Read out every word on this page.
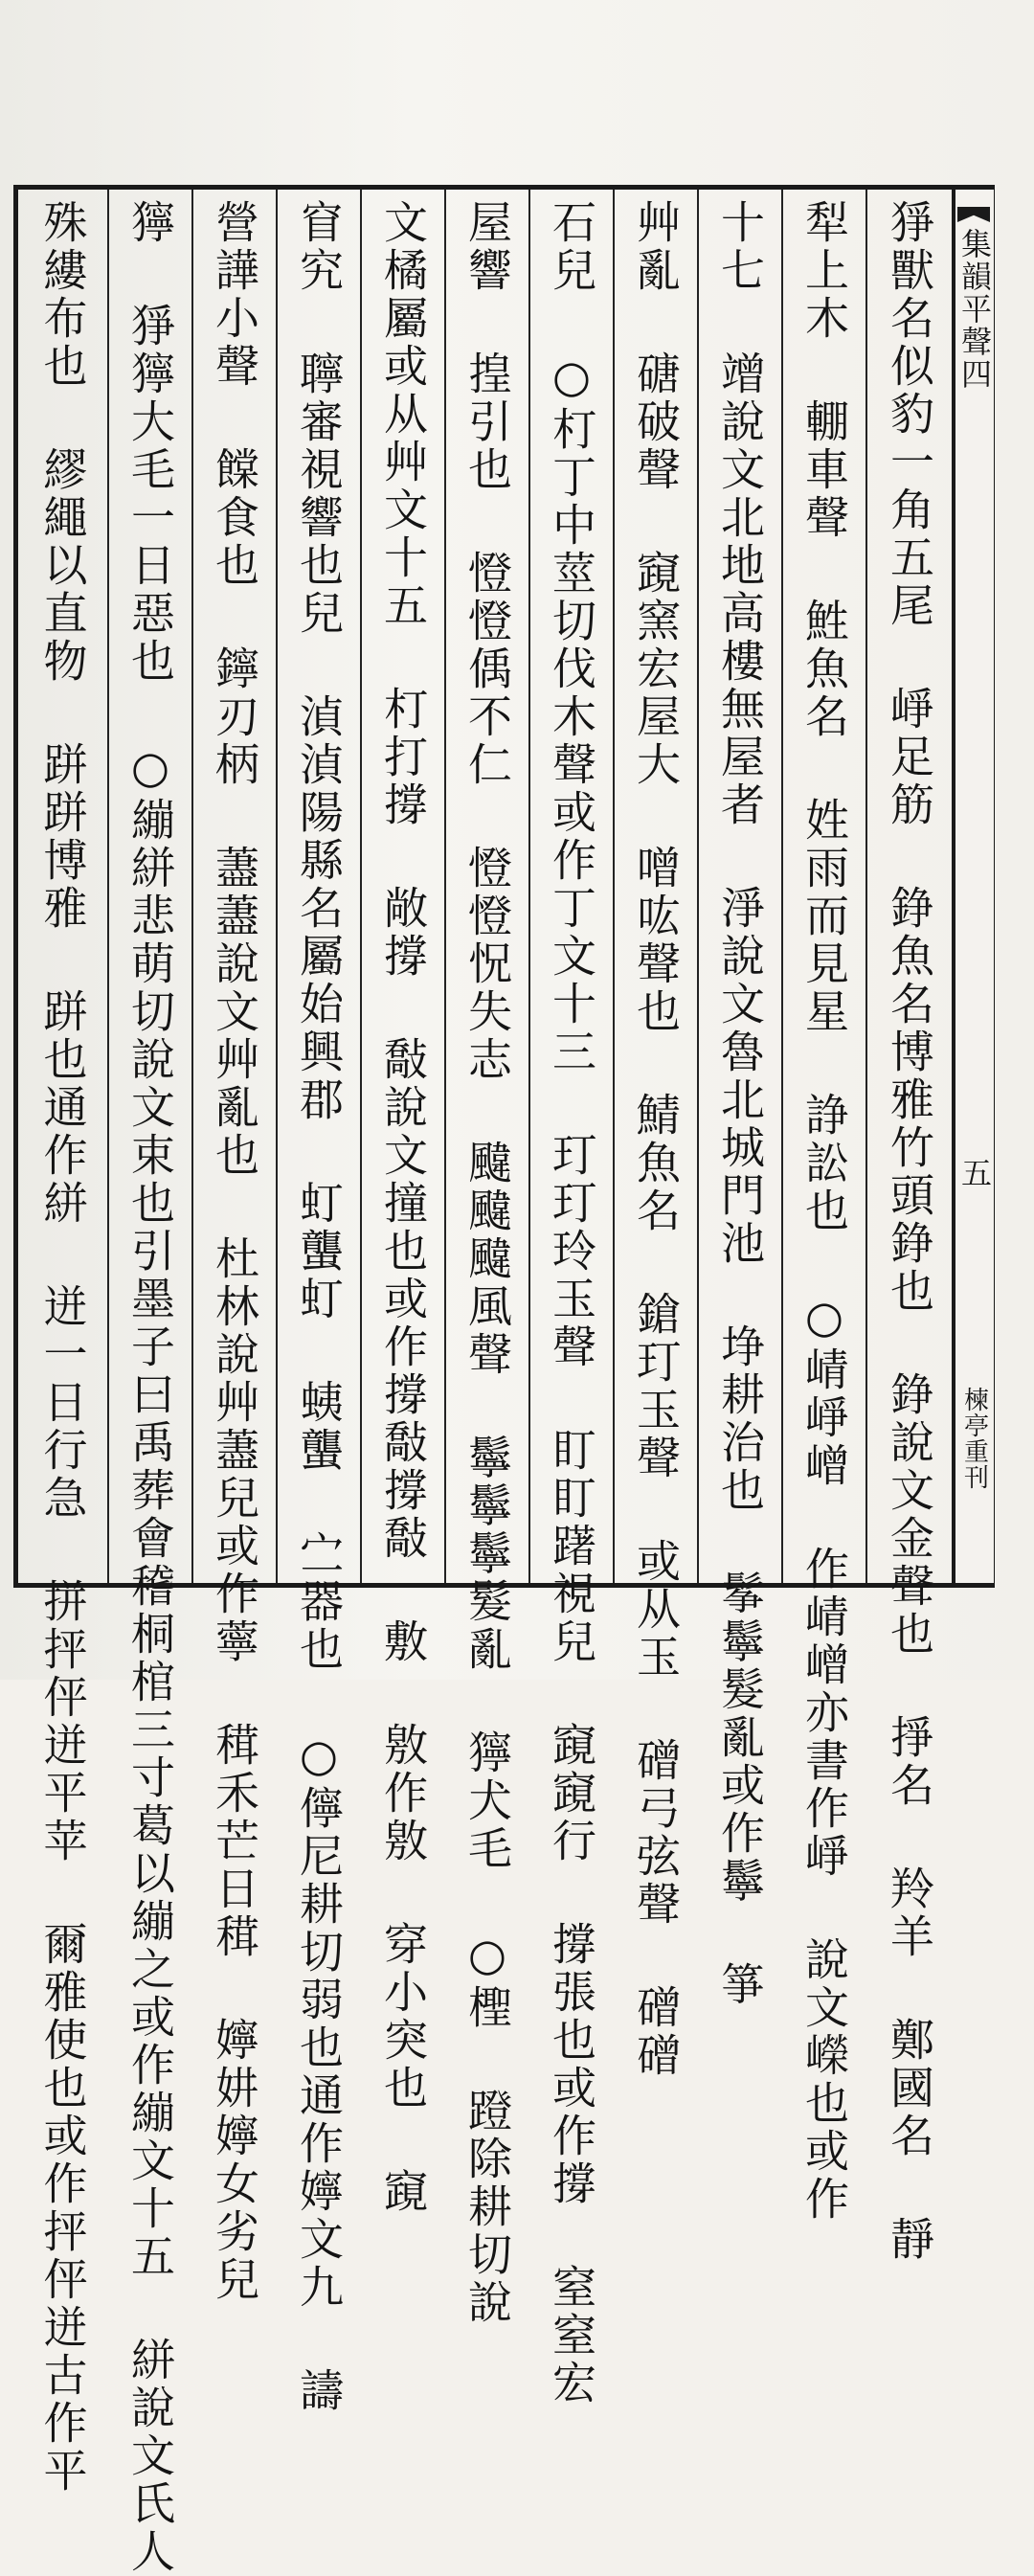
猙獸名似豹一角五尾 崢足筋 錚魚名博雅竹頭錚也 錚說文金聲也 掙名 羚羊 鄭國名 靜
犁上木 輣車聲 鮏魚名 姓雨而見星 諍訟也 ○崝崢嶒 作崝嶒亦書作崢 說文嶸也或作
十七 竲說文北地高樓無屋者 淨說文魯北城門池 埩耕治也 鬇鬡髮亂或作鬡 箏
艸亂 磄破聲 竀窯宏屋大 噌吰聲也 鯖魚名 鎗玎玉聲 或从玉 磳弓弦聲 磳磳
石兒 ○朾丁中莖切伐木聲或作丁文十三 玎玎玲玉聲 盯盯躇視兒 竀竀行 撐張也或作撐 窒窒宏
屋響 揘引也 憕憕偊不仁 憕憕怳失志 颹颹颹風聲 鬡鬡鬡髮亂 獰犬毛 ○檉 蹬除耕切說
文橘屬或从艸文十五 朾打撐 敞撐 敽說文撞也或作撐敽撐敽 敷 敫作敫 穿小突也 竀
窅究 聹審視響也兒 湞湞陽縣名屬始興郡 虰蠪虰 蛦蠪 㝉器也 ○儜尼耕切弱也通作嬣文九 譸
營譁小聲 饓食也 鑏刃柄 藎藎說文艸亂也 杜林說艸藎兒或作薴 穁禾芒日穁 嬣妌嬣女劣兒
獰 猙獰大毛一日惡也 ○繃絣悲萌切說文束也引墨子曰禹葬會稽桐棺三寸葛以繃之或作繃文十五 絣說文氏人
殊縷布也 繆繩以直物 跰跰博雅 跰也通作絣 迸一日行急 拼抨伻迸平苹 爾雅使也或作抨伻迸古作平	集韻平聲四
五
楝亭重刊
